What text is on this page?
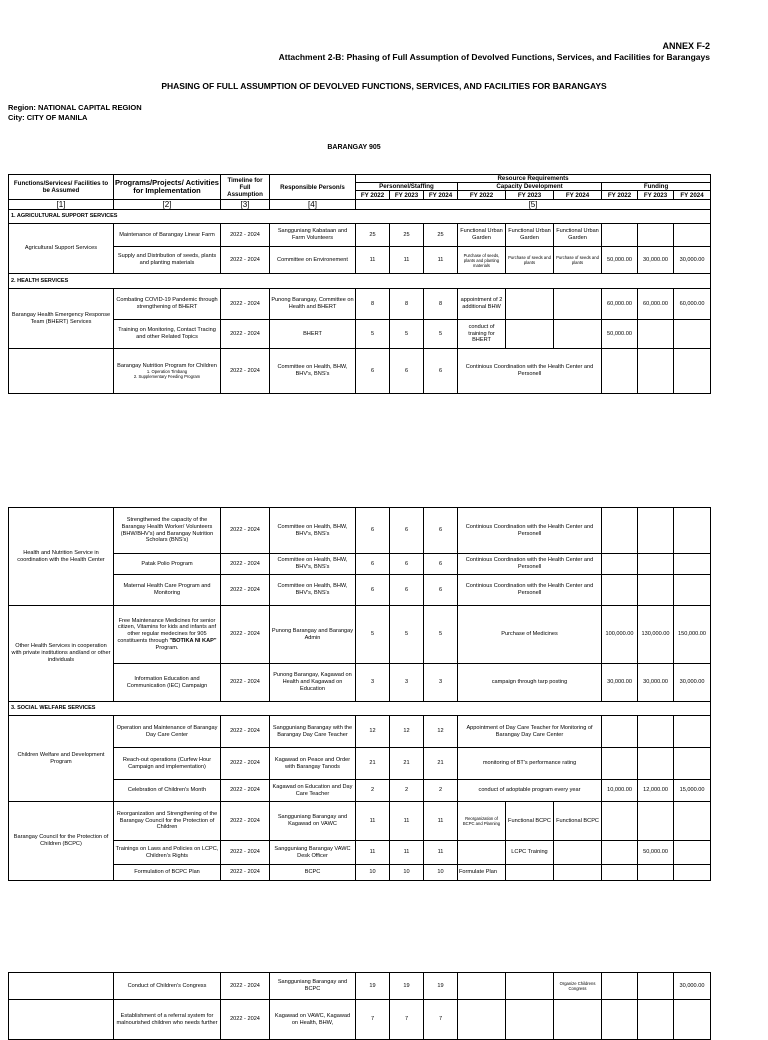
ANNEX F-2
Attachment 2-B: Phasing of Full Assumption of Devolved Functions, Services, and Facilities for Barangays
PHASING OF FULL ASSUMPTION OF DEVOLVED FUNCTIONS, SERVICES, AND FACILITIES FOR BARANGAYS
Region: NATIONAL CAPITAL REGION
City: CITY OF MANILA
BARANGAY 905
Functions/Services/ Facilities to be Assumed	Programs/Projects/ Activities for Implementation	Timeline for Full Assumption	Responsible Person/s	Resource Requirements								
				Personnel/Staffing			Capacity Development			Funding		
				FY 2022	FY 2023	FY 2024	FY 2022	FY 2023	FY 2024	FY 2022	FY 2023	FY 2024
[1]	[2]	[3]	[4]	[5]								
1. AGRICULTURAL SUPPORT SERVICES												
Agricultural Support Services	Maintenance of Barangay Linear Farm	2022 - 2024	Sangguniang Kabataan and Farm Volunteers	25	25	25	Functional Urban Garden	Functional Urban Garden	Functional Urban Garden			
	Supply and Distribution of seeds, plants and planting materials	2022 - 2024	Committee on Environement	11	11	11	Purchase of seeds, plants and planting materials	Purchase of seeds and plants	Purchase of seeds and plants	50,000.00	30,000.00	30,000.00
2. HEALTH SERVICES												
Barangay Health Emergency Response Team (BHERT) Services	Combating COVID-19 Pandemic through strengthening of BHERT	2022 - 2024	Punong Barangay, Committee on Health and BHERT	8	8	8	appointment of 2 additional BHW			60,000.00	60,000.00	60,000.00
	Training on Monitoring, Contact Tracing and other Related Topics	2022 - 2024	BHERT	5	5	5	conduct of training for BHERT			50,000.00		

	Barangay Nutrition Program for Children
1. Operation Timbang
2. Supplementary Feeding Program	2022 - 2024	Committee on Health, BHW, BHV's, BNS's	6	6	6	Continious Coordination with the Health Center and Personell					
Health and Nutrition Service in coordination with the Health Center	Strengthened the capacity of the Barangay Health Worker/ Volunteers (BHW/BHV's) and Barangay Nutrition Scholars (BNS's)	2022 - 2024	Committee on Health, BHW, BHV's, BNS's	6	6	6	Continious Coordination with the Health Center and Personell					
	Patak Polio Program	2022 - 2024	Committee on Health, BHW, BHV's, BNS's	6	6	6	Continious Coordination with the Health Center and Personell					
	Maternal Health Care Program and Monitoring	2022 - 2024	Committee on Health, BHW, BHV's, BNS's	6	6	6	Continious Coordination with the Health Center and Personell					
Other Health Services in cooperation with private institutions and/and or other individuals	Free Maintenance Medicines for senior citizen, Vitamins for kids and infants anf other regular medecines for 905 constituents through "BOTIKA NI KAP" Program.	2022 - 2024	Punong Barangay and Barangay Admin	5	5	5	Purchase of Medicines			100,000.00	130,000.00	150,000.00
	Information Education and Communication (IEC) Campaign	2022 - 2024	Punong Barangay, Kagawad on Health and Kagawad on Education	3	3	3	campaign through tarp posting			30,000.00	30,000.00	30,000.00
3. SOCIAL WELFARE SERVICES												
Children Welfare and Development Program	Operation and Maintenance of Barangay Day Care Center	2022 - 2024	Sangguniang Barangay with the Barangay Day Care Teacher	12	12	12	Appointment of Day Care Teacher for Monitoring of Barangay Day Care Center					
	Reach-out operations (Curfew Hour Campaign and implementation)	2022 - 2024	Kagawad on Peace and Order with Barangay Tanods	21	21	21	monitoring of BT's performance rating					
	Celebration of Children's Month	2022 - 2024	Kagawad on Education and Day Care Teacher	2	2	2	conduct of adoptable program every year			10,000.00	12,000.00	15,000.00
Barangay Council for the Protection of Children (BCPC)	Reorganization and Strengthening of the Barangay Council for the Protection of Children	2022 - 2024	Sangguniang Barangay and Kagawad on VAWC	11	11	11	Reorganization of BCPC and Planning	Functional BCPC	Functional BCPC			
	Trainings on Laws and Policies on LCPC, Children's Rights	2022 - 2024	Sangguniang Barangay VAWC Desk Officer	11	11	11		LCPC Training			50,000.00	
	Formulation of BCPC Plan	2022 - 2024	BCPC	10	10	10	Formulate Plan					
	Conduct of Children's Congress	2022 - 2024	Sangguniang Barangay and BCPC	19	19	19			Organize Childrens Congress			30,000.00
	Establishment of a referral system for malnourished children who needs further	2022 - 2024	Kagawad on VAWC, Kagawad on Health, BHW,	7	7	7						
